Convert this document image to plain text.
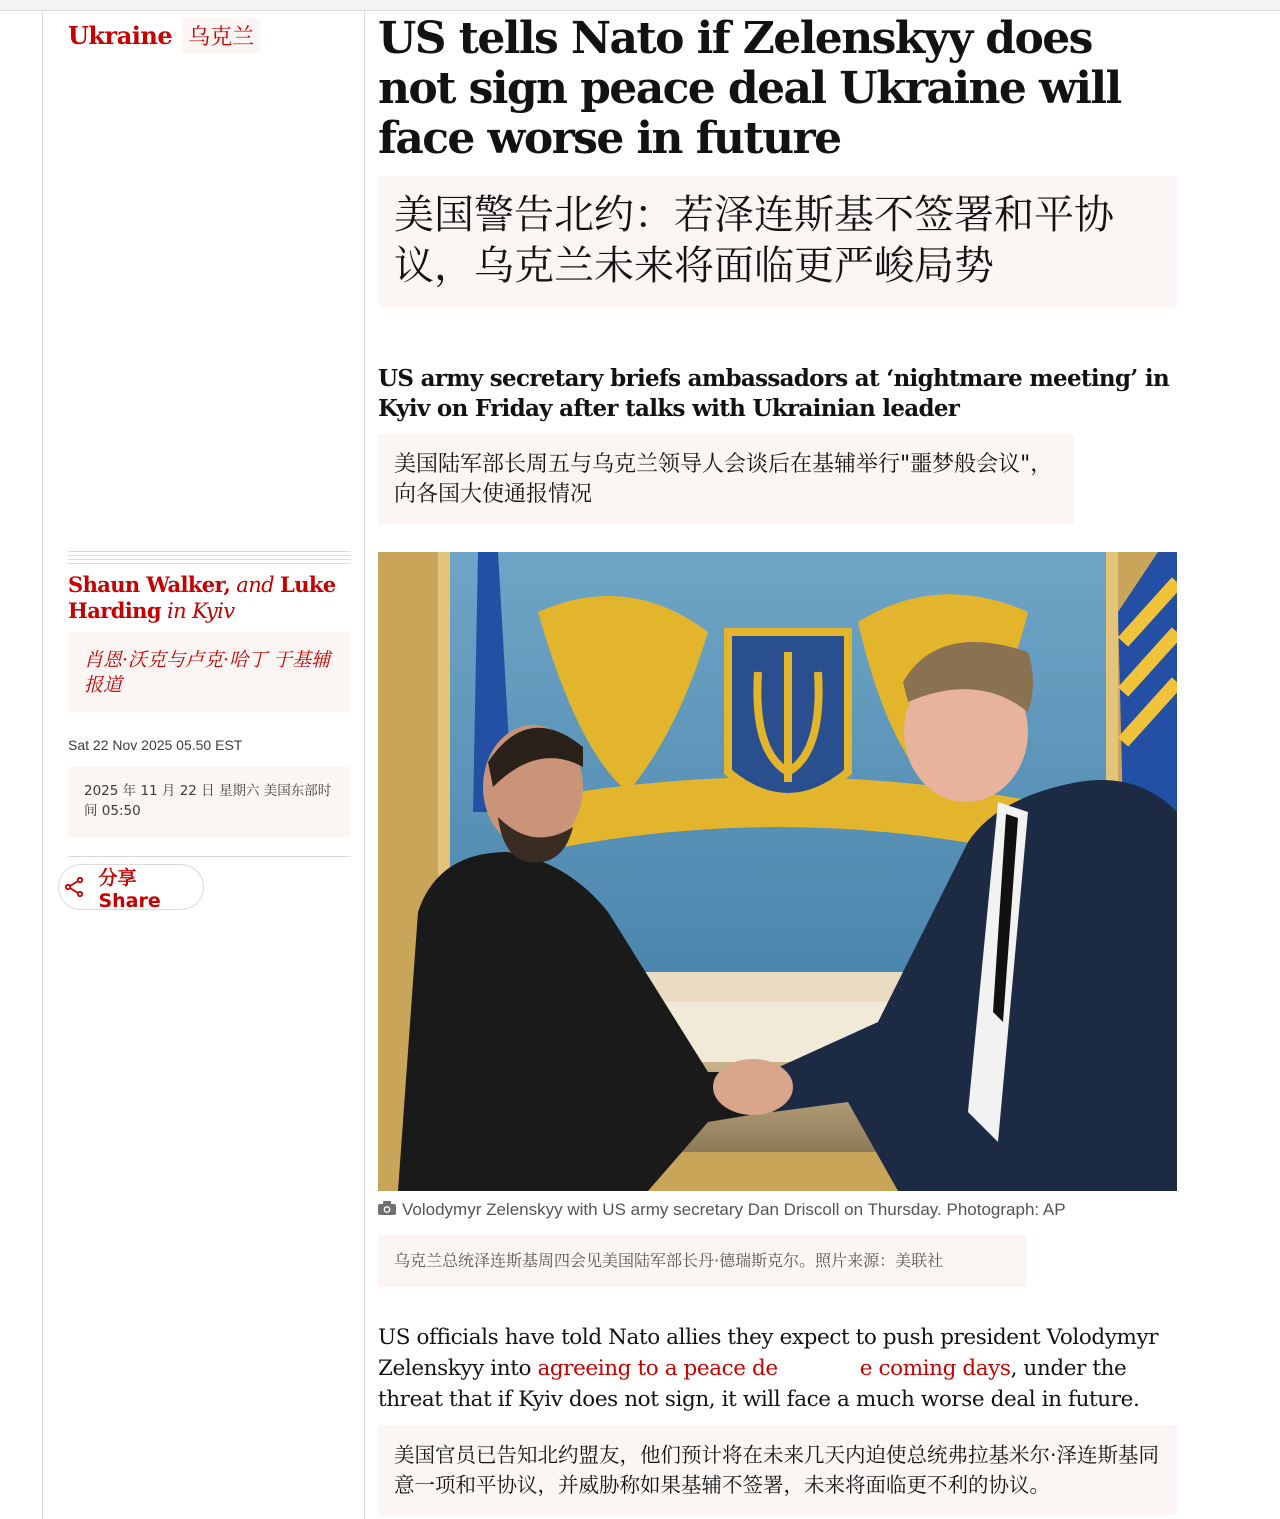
Ukraine 乌克兰
Shaun Walker, and Luke Harding in Kyiv
肖恩·沃克与卢克·哈丁 于基辅报道
Sat 22 Nov 2025 05.50 EST
2025 年 11 月 22 日 星期六 美国东部时间 05:50
分享 Share
US tells Nato if Zelenskyy does not sign peace deal Ukraine will face worse in future
美国警告北约：若泽连斯基不签署和平协议，乌克兰未来将面临更严峻局势
US army secretary briefs ambassadors at ‘nightmare meeting’ in Kyiv on Friday after talks with Ukrainian leader
美国陆军部长周五与乌克兰领导人会谈后在基辅举行"噩梦般会议"，向各国大使通报情况
Volodymyr Zelenskyy with US army secretary Dan Driscoll on Thursday. Photograph: AP
乌克兰总统泽连斯基周四会见美国陆军部长丹·德瑞斯克尔。照片来源：美联社
US officials have told Nato allies they expect to push president Volodymyr Zelenskyy into agreeing to a peace de	e coming days, under the threat that if Kyiv does not sign, it will face a much worse deal in future.
美国官员已告知北约盟友，他们预计将在未来几天内迫使总统弗拉基米尔·泽连斯基同意一项和平协议，并威胁称如果基辅不签署，未来将面临更不利的协议。
